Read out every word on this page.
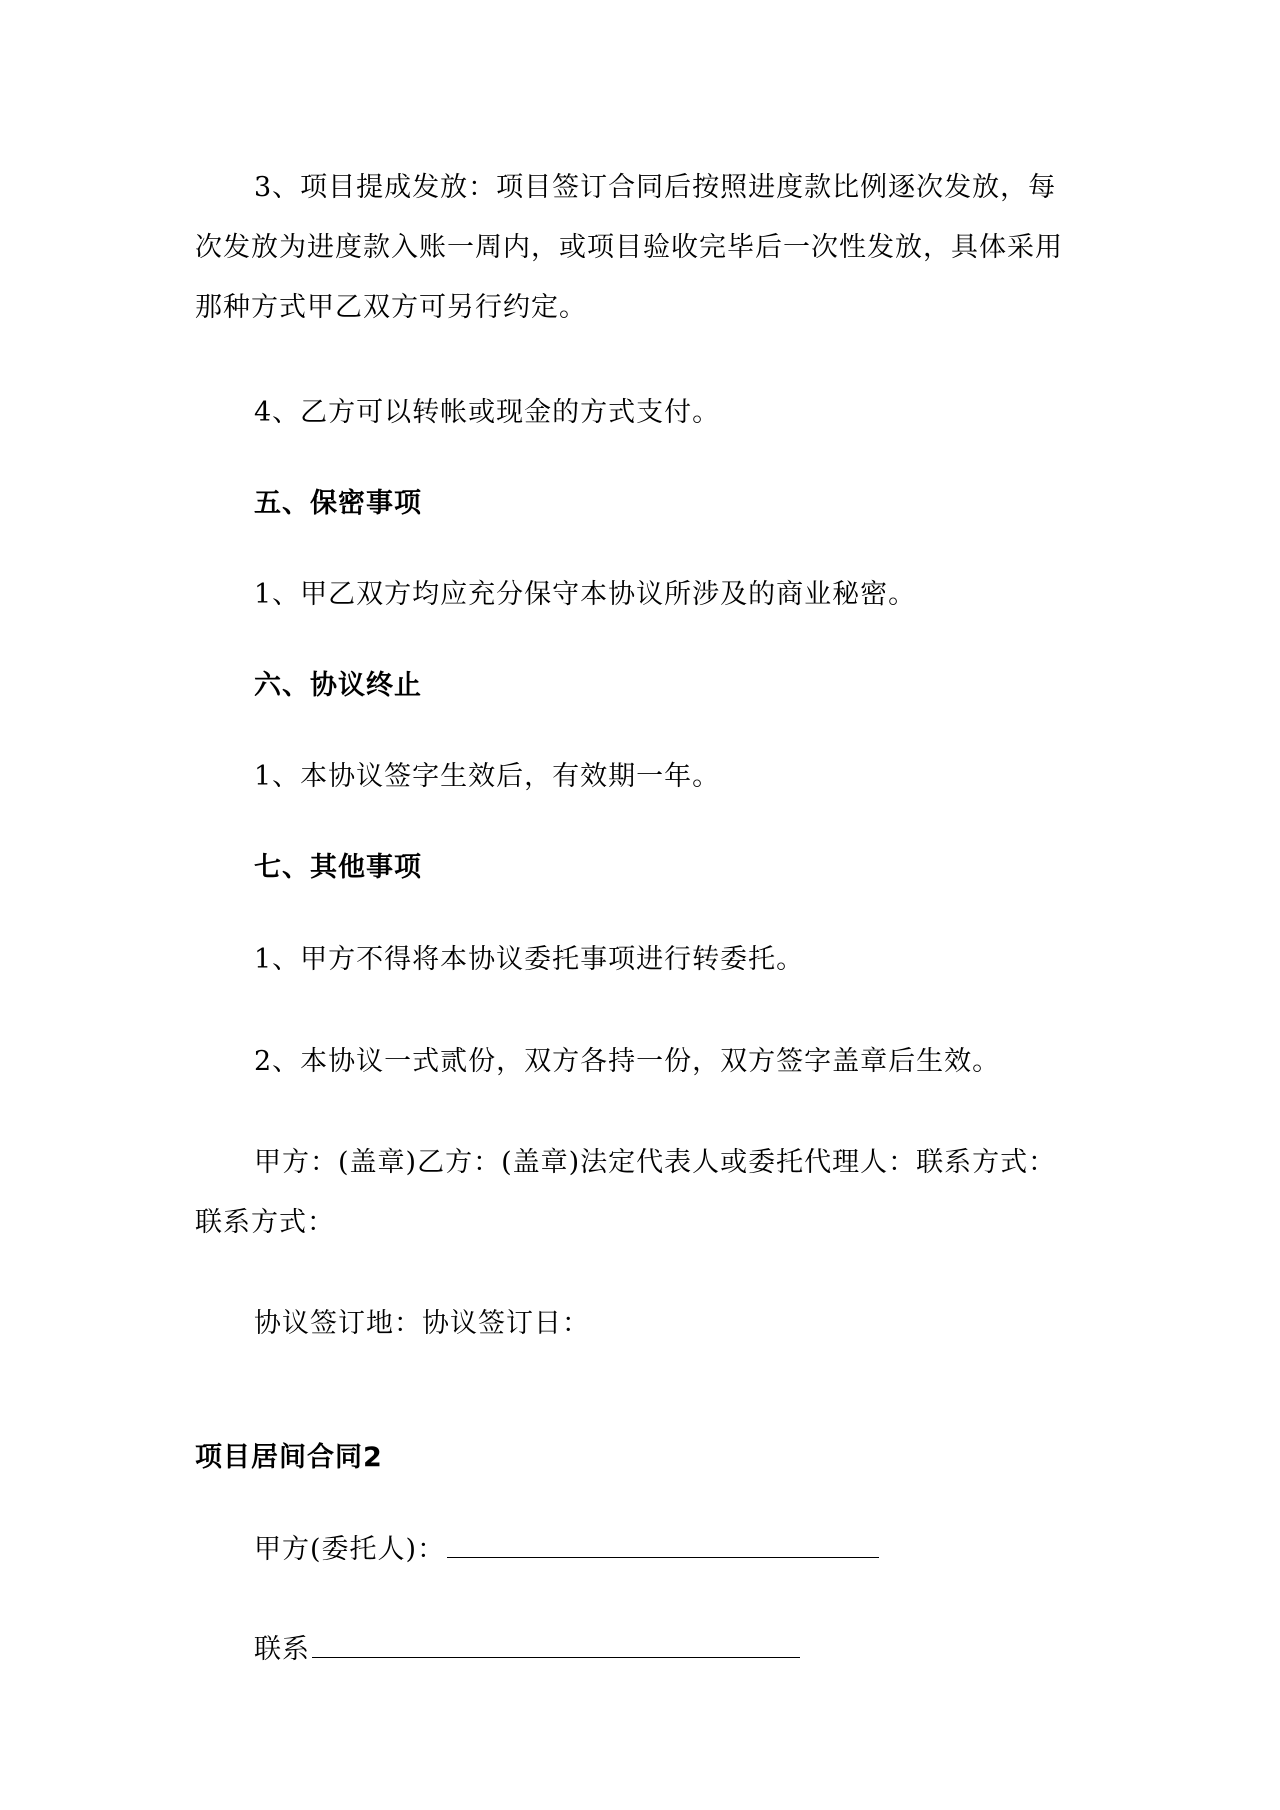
3、项目提成发放：项目签订合同后按照进度款比例逐次发放，每
次发放为进度款入账一周内，或项目验收完毕后一次性发放，具体采用
那种方式甲乙双方可另行约定。
4、乙方可以转帐或现金的方式支付。
五、保密事项
1、甲乙双方均应充分保守本协议所涉及的商业秘密。
六、协议终止
1、本协议签字生效后，有效期一年。
七、其他事项
1、甲方不得将本协议委托事项进行转委托。
2、本协议一式贰份，双方各持一份，双方签字盖章后生效。
甲方：(盖章)乙方：(盖章)法定代表人或委托代理人：联系方式：
联系方式：
协议签订地：协议签订日：
项目居间合同2
甲方(委托人)：
联系
